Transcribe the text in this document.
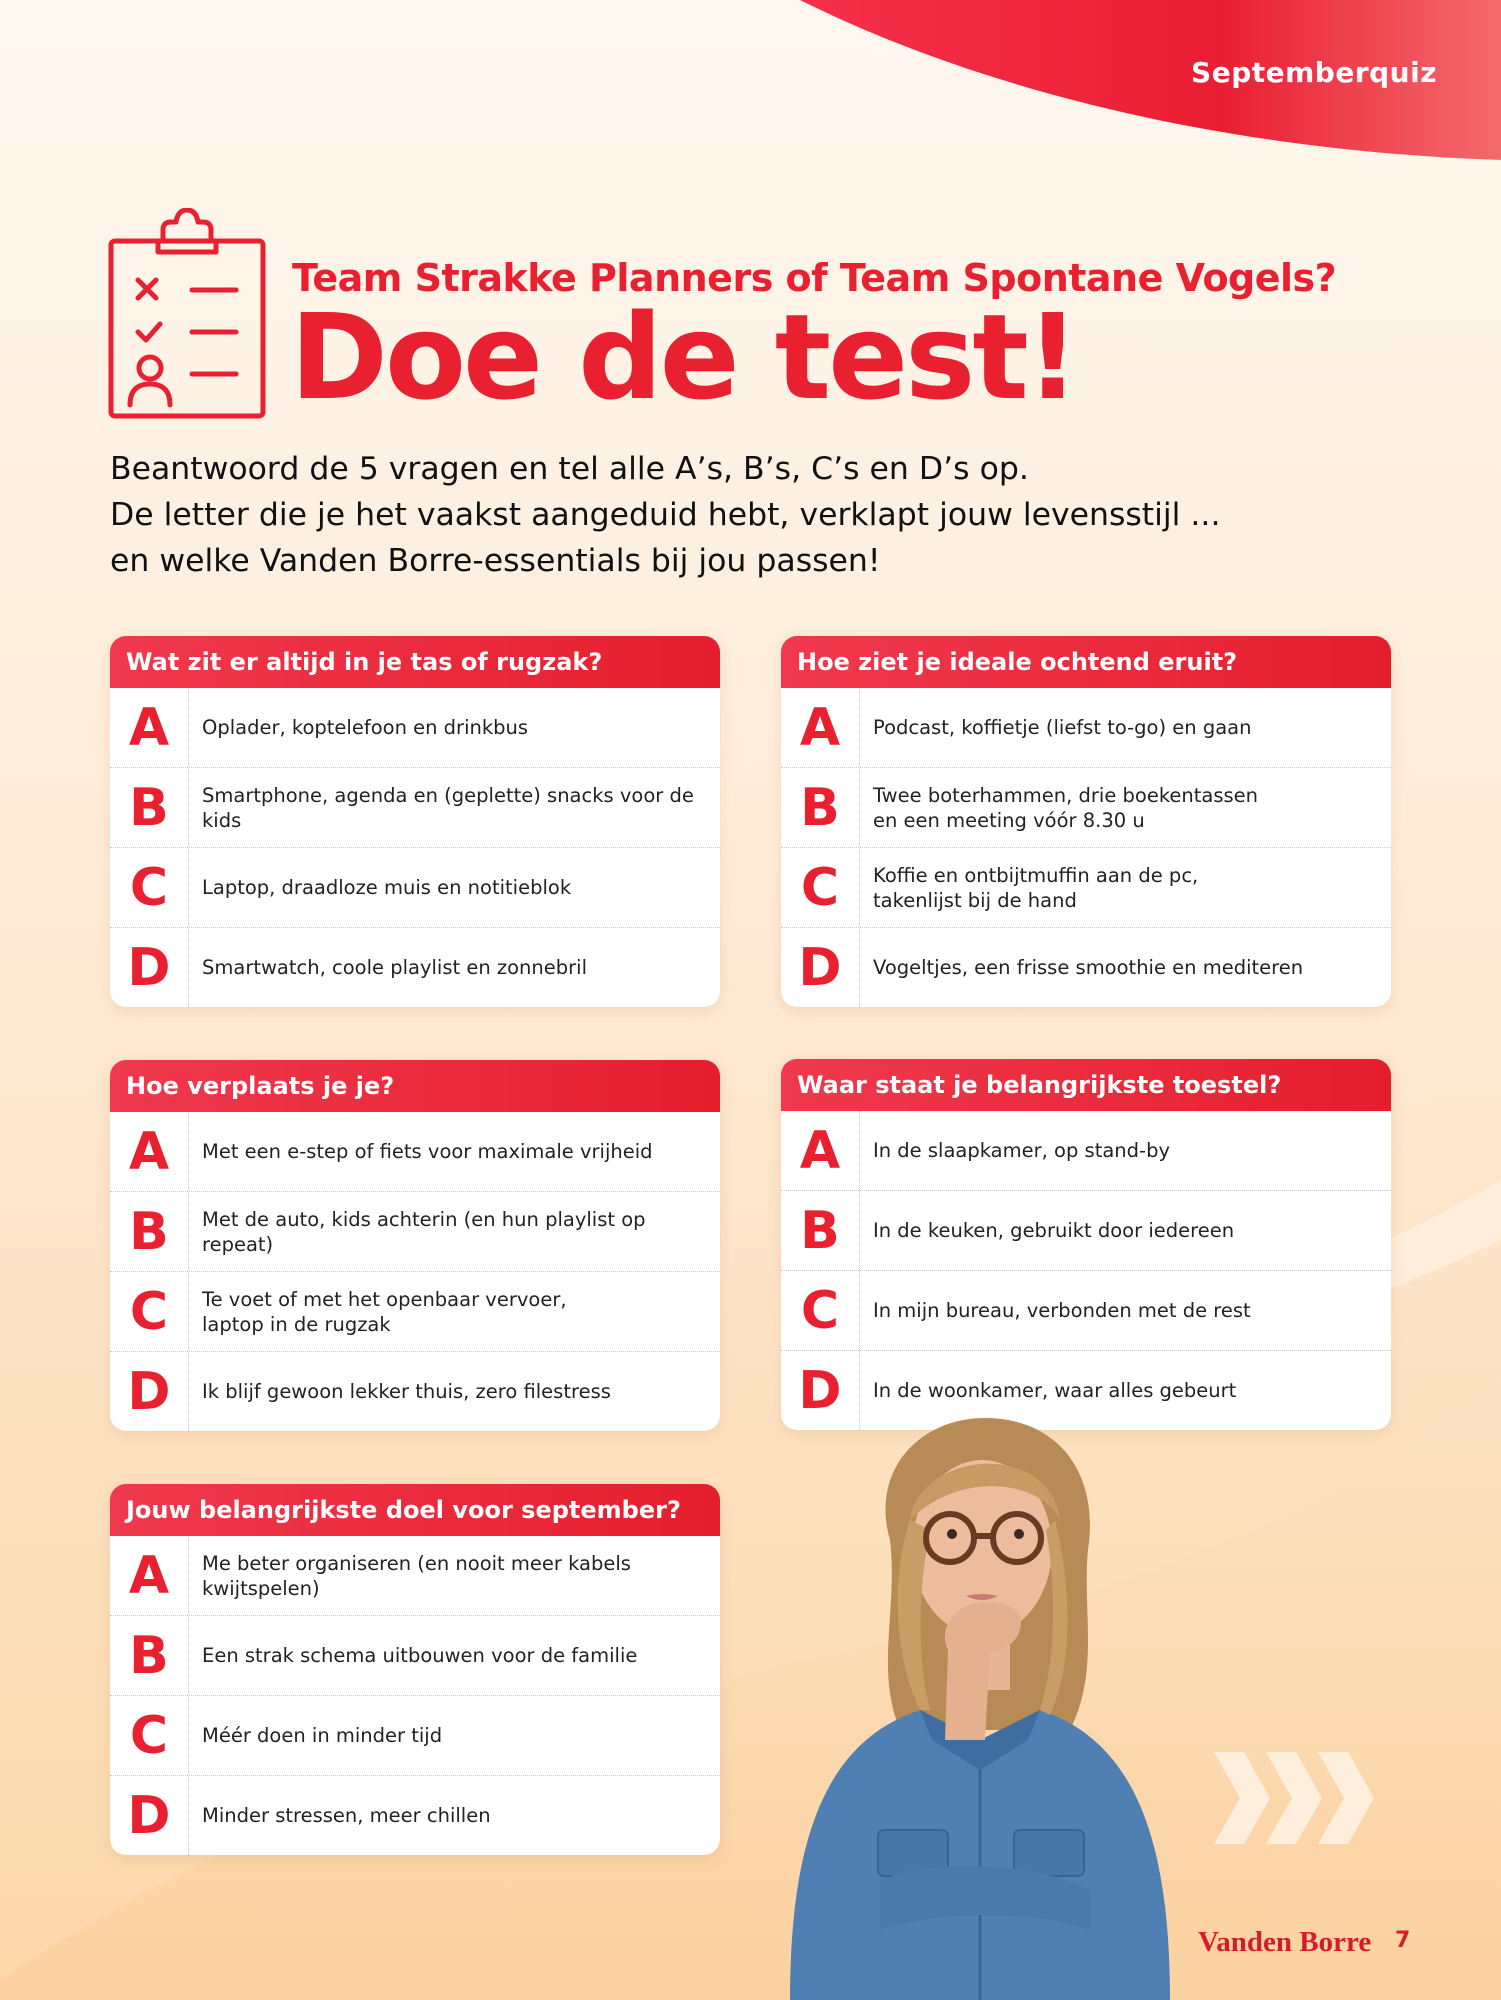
Septemberquiz
Team Strakke Planners of Team Spontane Vogels?
Doe de test!
Beantwoord de 5 vragen en tel alle A’s, B’s, C’s en D’s op.
De letter die je het vaakst aangeduid hebt, verklapt jouw levensstijl ...
en welke Vanden Borre-essentials bij jou passen!
Wat zit er altijd in je tas of rugzak?
A	Oplader, koptelefoon en drinkbus
B	Smartphone, agenda en (geplette) snacks voor de kids
C	Laptop, draadloze muis en notitieblok
D	Smartwatch, coole playlist en zonnebril
Hoe ziet je ideale ochtend eruit?
A	Podcast, koffietje (liefst to-go) en gaan
B	Twee boterhammen, drie boekentassen
en een meeting vóór 8.30 u
C	Koffie en ontbijtmuffin aan de pc,
takenlijst bij de hand
D	Vogeltjes, een frisse smoothie en mediteren
Hoe verplaats je je?
A	Met een e-step of fiets voor maximale vrijheid
B	Met de auto, kids achterin (en hun playlist op repeat)
C	Te voet of met het openbaar vervoer,
laptop in de rugzak
D	Ik blijf gewoon lekker thuis, zero filestress
Waar staat je belangrijkste toestel?
A	In de slaapkamer, op stand-by
B	In de keuken, gebruikt door iedereen
C	In mijn bureau, verbonden met de rest
D	In de woonkamer, waar alles gebeurt
Jouw belangrijkste doel voor september?
A	Me beter organiseren (en nooit meer kabels
kwijtspelen)
B	Een strak schema uitbouwen voor de familie
C	Méér doen in minder tijd
D	Minder stressen, meer chillen
Vanden Borre 7
